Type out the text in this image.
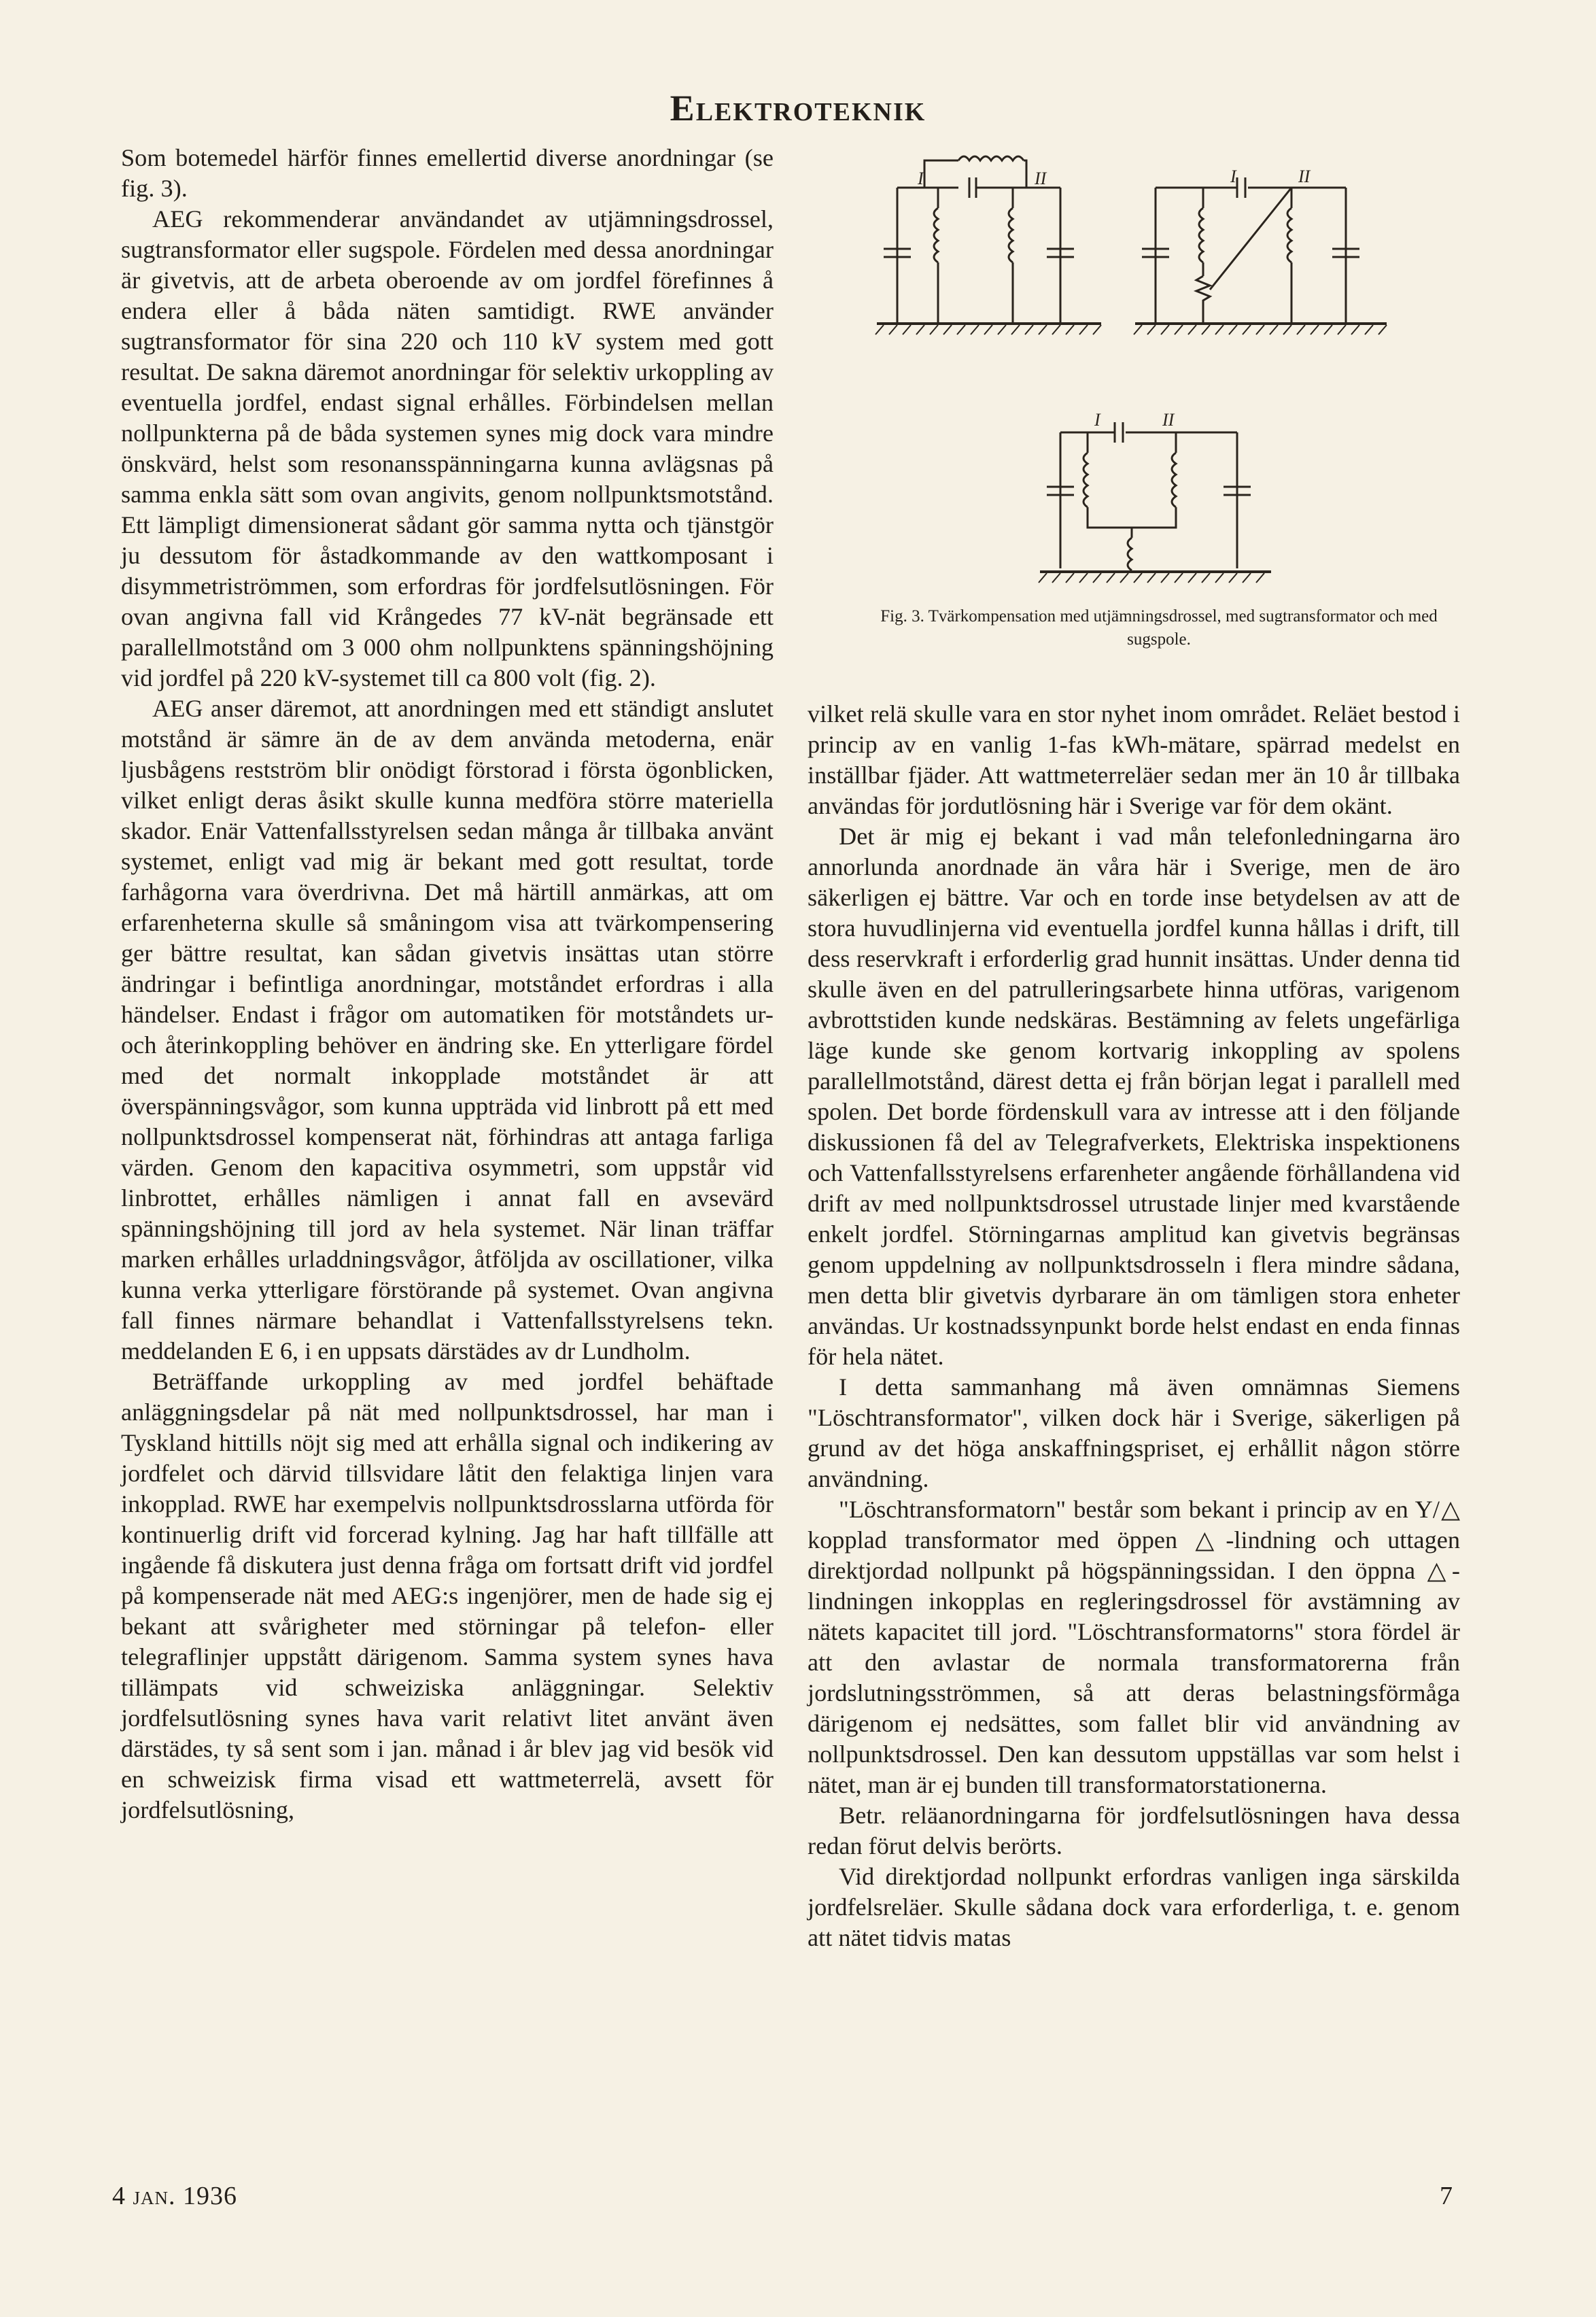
Elektroteknik

Som botemedel härför finnes emellertid diverse anordningar (se fig. 3).

AEG rekommenderar användandet av utjämningsdrossel, sugtransformator eller sugspole. Fördelen med dessa anordningar är givetvis, att de arbeta oberoende av om jordfel förefinnes å endera eller å båda näten samtidigt. RWE använder sugtransformator för sina 220 och 110 kV system med gott resultat. De sakna däremot anordningar för selektiv urkoppling av eventuella jordfel, endast signal erhålles. Förbindelsen mellan nollpunkterna på de båda systemen synes mig dock vara mindre önskvärd, helst som resonansspänningarna kunna avlägsnas på samma enkla sätt som ovan angivits, genom nollpunktsmotstånd. Ett lämpligt dimensionerat sådant gör samma nytta och tjänstgör ju dessutom för åstadkommande av den wattkomposant i disymmetriströmmen, som erfordras för jordfelsutlösningen. För ovan angivna fall vid Krångedes 77 kV-nät begränsade ett parallellmotstånd om 3 000 ohm nollpunktens spänningshöjning vid jordfel på 220 kV-systemet till ca 800 volt (fig. 2).

AEG anser däremot, att anordningen med ett ständigt anslutet motstånd är sämre än de av dem använda metoderna, enär ljusbågens restström blir onödigt förstorad i första ögonblicken, vilket enligt deras åsikt skulle kunna medföra större materiella skador. Enär Vattenfallsstyrelsen sedan många år tillbaka använt systemet, enligt vad mig är bekant med gott resultat, torde farhågorna vara överdrivna. Det må härtill anmärkas, att om erfarenheterna skulle så småningom visa att tvärkompensering ger bättre resultat, kan sådan givetvis insättas utan större ändringar i befintliga anordningar, motståndet erfordras i alla händelser. Endast i frågor om automatiken för motståndets ur- och återinkoppling behöver en ändring ske. En ytterligare fördel med det normalt inkopplade motståndet är att överspänningsvågor, som kunna uppträda vid linbrott på ett med nollpunktsdrossel kompenserat nät, förhindras att antaga farliga värden. Genom den kapacitiva osymmetri, som uppstår vid linbrottet, erhålles nämligen i annat fall en avsevärd spänningshöjning till jord av hela systemet. När linan träffar marken erhålles urladdningsvågor, åtföljda av oscillationer, vilka kunna verka ytterligare förstörande på systemet. Ovan angivna fall finnes närmare behandlat i Vattenfallsstyrelsens tekn. meddelanden E 6, i en uppsats därstädes av dr Lundholm.

Beträffande urkoppling av med jordfel behäftade anläggningsdelar på nät med nollpunktsdrossel, har man i Tyskland hittills nöjt sig med att erhålla signal och indikering av jordfelet och därvid tillsvidare låtit den felaktiga linjen vara inkopplad. RWE har exempelvis nollpunktsdrosslarna utförda för kontinuerlig drift vid forcerad kylning. Jag har haft tillfälle att ingående få diskutera just denna fråga om fortsatt drift vid jordfel på kompenserade nät med AEG:s ingenjörer, men de hade sig ej bekant att svårigheter med störningar på telefon- eller telegraflinjer uppstått därigenom. Samma system synes hava tillämpats vid schweiziska anläggningar. Selektiv jordfelsutlösning synes hava varit relativt litet använt även därstädes, ty så sent som i jan. månad i år blev jag vid besök vid en schweizisk firma visad ett wattmeterrelä, avsett för jordfelsutlösning,

I	II	I	II
I	II
Fig. 3. Tvärkompensation med utjämningsdrossel, med sugtransformator och med sugspole.

vilket relä skulle vara en stor nyhet inom området. Reläet bestod i princip av en vanlig 1-fas kWh-mätare, spärrad medelst en inställbar fjäder. Att wattmeterreläer sedan mer än 10 år tillbaka användas för jordutlösning här i Sverige var för dem okänt.

Det är mig ej bekant i vad mån telefonledningarna äro annorlunda anordnade än våra här i Sverige, men de äro säkerligen ej bättre. Var och en torde inse betydelsen av att de stora huvudlinjerna vid eventuella jordfel kunna hållas i drift, till dess reservkraft i erforderlig grad hunnit insättas. Under denna tid skulle även en del patrulleringsarbete hinna utföras, varigenom avbrottstiden kunde nedskäras. Bestämning av felets ungefärliga läge kunde ske genom kortvarig inkoppling av spolens parallellmotstånd, därest detta ej från början legat i parallell med spolen. Det borde fördenskull vara av intresse att i den följande diskussionen få del av Telegrafverkets, Elektriska inspektionens och Vattenfallsstyrelsens erfarenheter angående förhållandena vid drift av med nollpunktsdrossel utrustade linjer med kvarstående enkelt jordfel. Störningarnas amplitud kan givetvis begränsas genom uppdelning av nollpunktsdrosseln i flera mindre sådana, men detta blir givetvis dyrbarare än om tämligen stora enheter användas. Ur kostnadssynpunkt borde helst endast en enda finnas för hela nätet.

I detta sammanhang må även omnämnas Siemens "Löschtransformator", vilken dock här i Sverige, säkerligen på grund av det höga anskaffningspriset, ej erhållit någon större användning.

"Löschtransformatorn" består som bekant i princip av en Y/△ kopplad transformator med öppen △-lindning och uttagen direktjordad nollpunkt på högspänningssidan. I den öppna △-lindningen inkopplas en regleringsdrossel för avstämning av nätets kapacitet till jord. "Löschtransformatorns" stora fördel är att den avlastar de normala transformatorerna från jordslutningsströmmen, så att deras belastningsförmåga därigenom ej nedsättes, som fallet blir vid användning av nollpunktsdrossel. Den kan dessutom uppställas var som helst i nätet, man är ej bunden till transformatorstationerna.

Betr. reläanordningarna för jordfelsutlösningen hava dessa redan förut delvis berörts.

Vid direktjordad nollpunkt erfordras vanligen inga särskilda jordfelsreläer. Skulle sådana dock vara erforderliga, t. e. genom att nätet tidvis matas

4 jan. 1936	7
